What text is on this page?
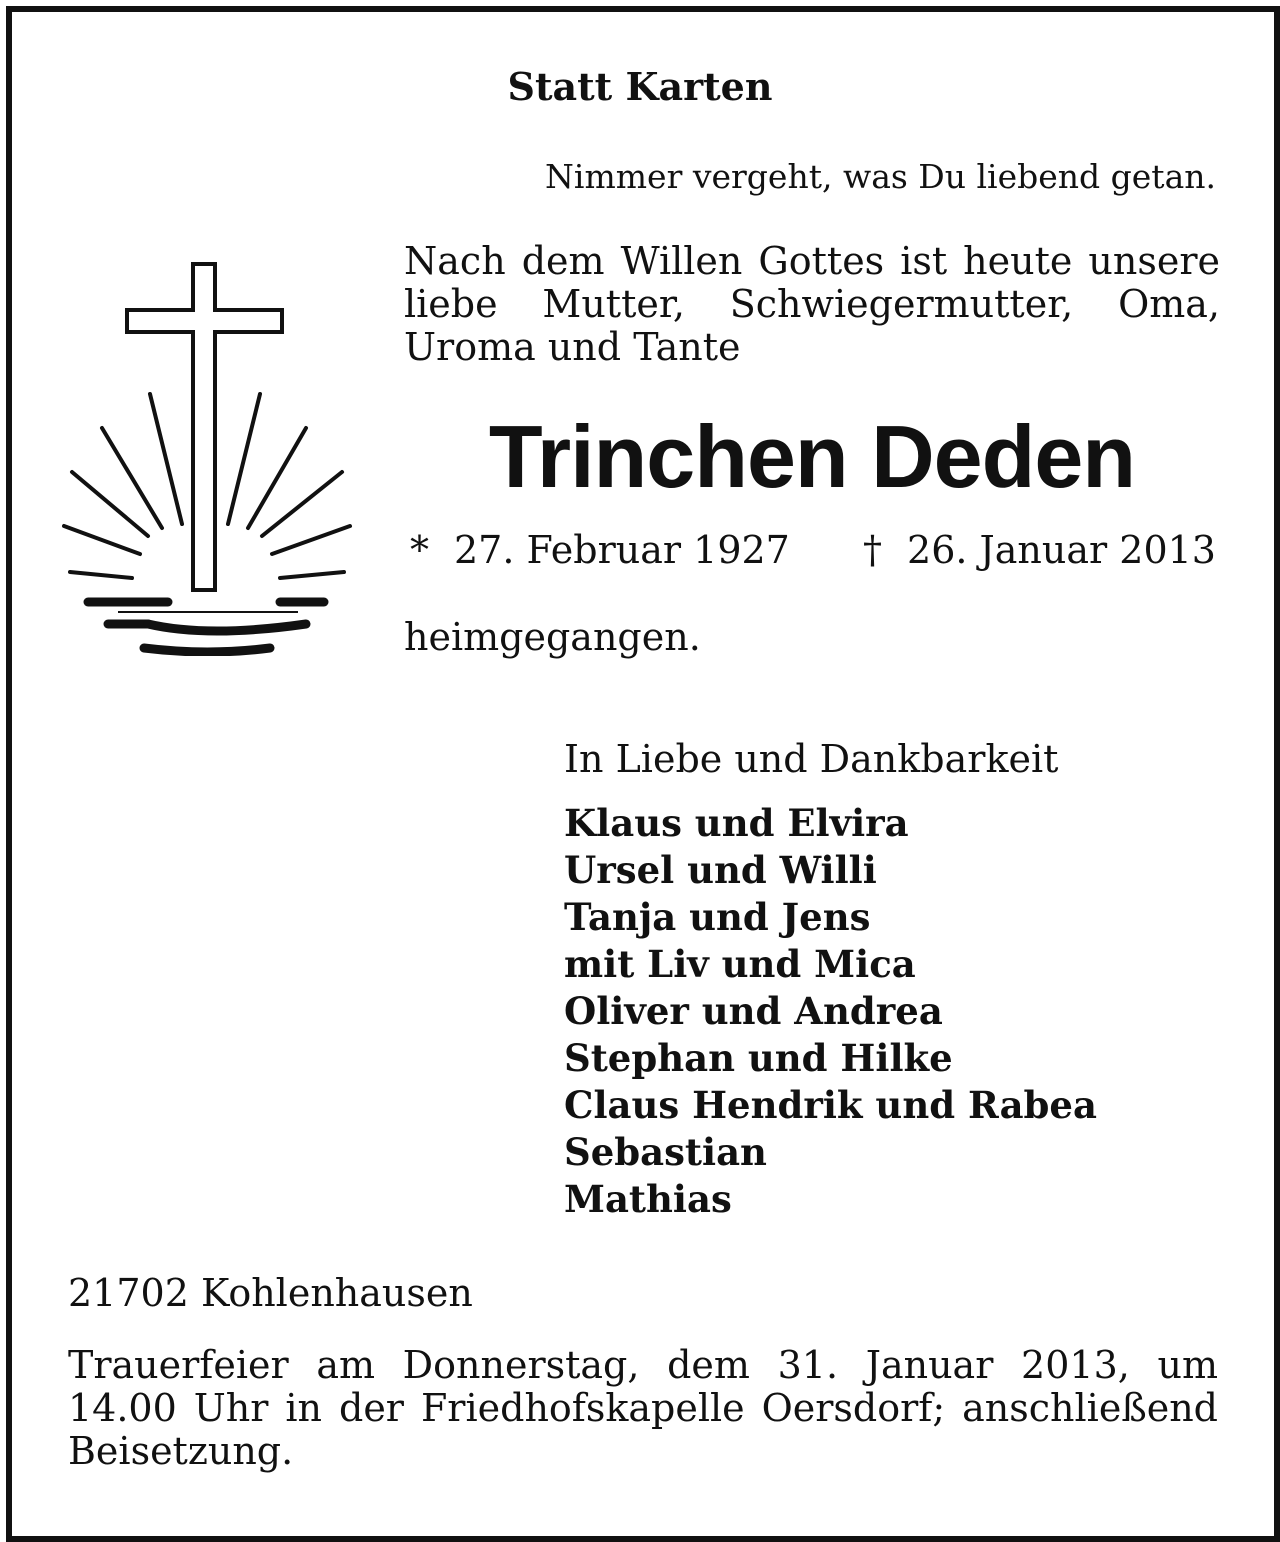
Statt Karten

Nimmer vergeht, was Du liebend getan.

Nach dem Willen Gottes ist heute unsere liebe Mutter, Schwiegermutter, Oma, Uroma und Tante

Trinchen Deden

* 27. Februar 1927 † 26. Januar 2013

heimgegangen.

In Liebe und Dankbarkeit

Klaus und Elvira
Ursel und Willi
Tanja und Jens
mit Liv und Mica
Oliver und Andrea
Stephan und Hilke
Claus Hendrik und Rabea
Sebastian
Mathias

21702 Kohlenhausen

Trauerfeier am Donnerstag, dem 31. Januar 2013, um 14.00 Uhr in der Friedhofskapelle Oersdorf; anschließend Beisetzung.
